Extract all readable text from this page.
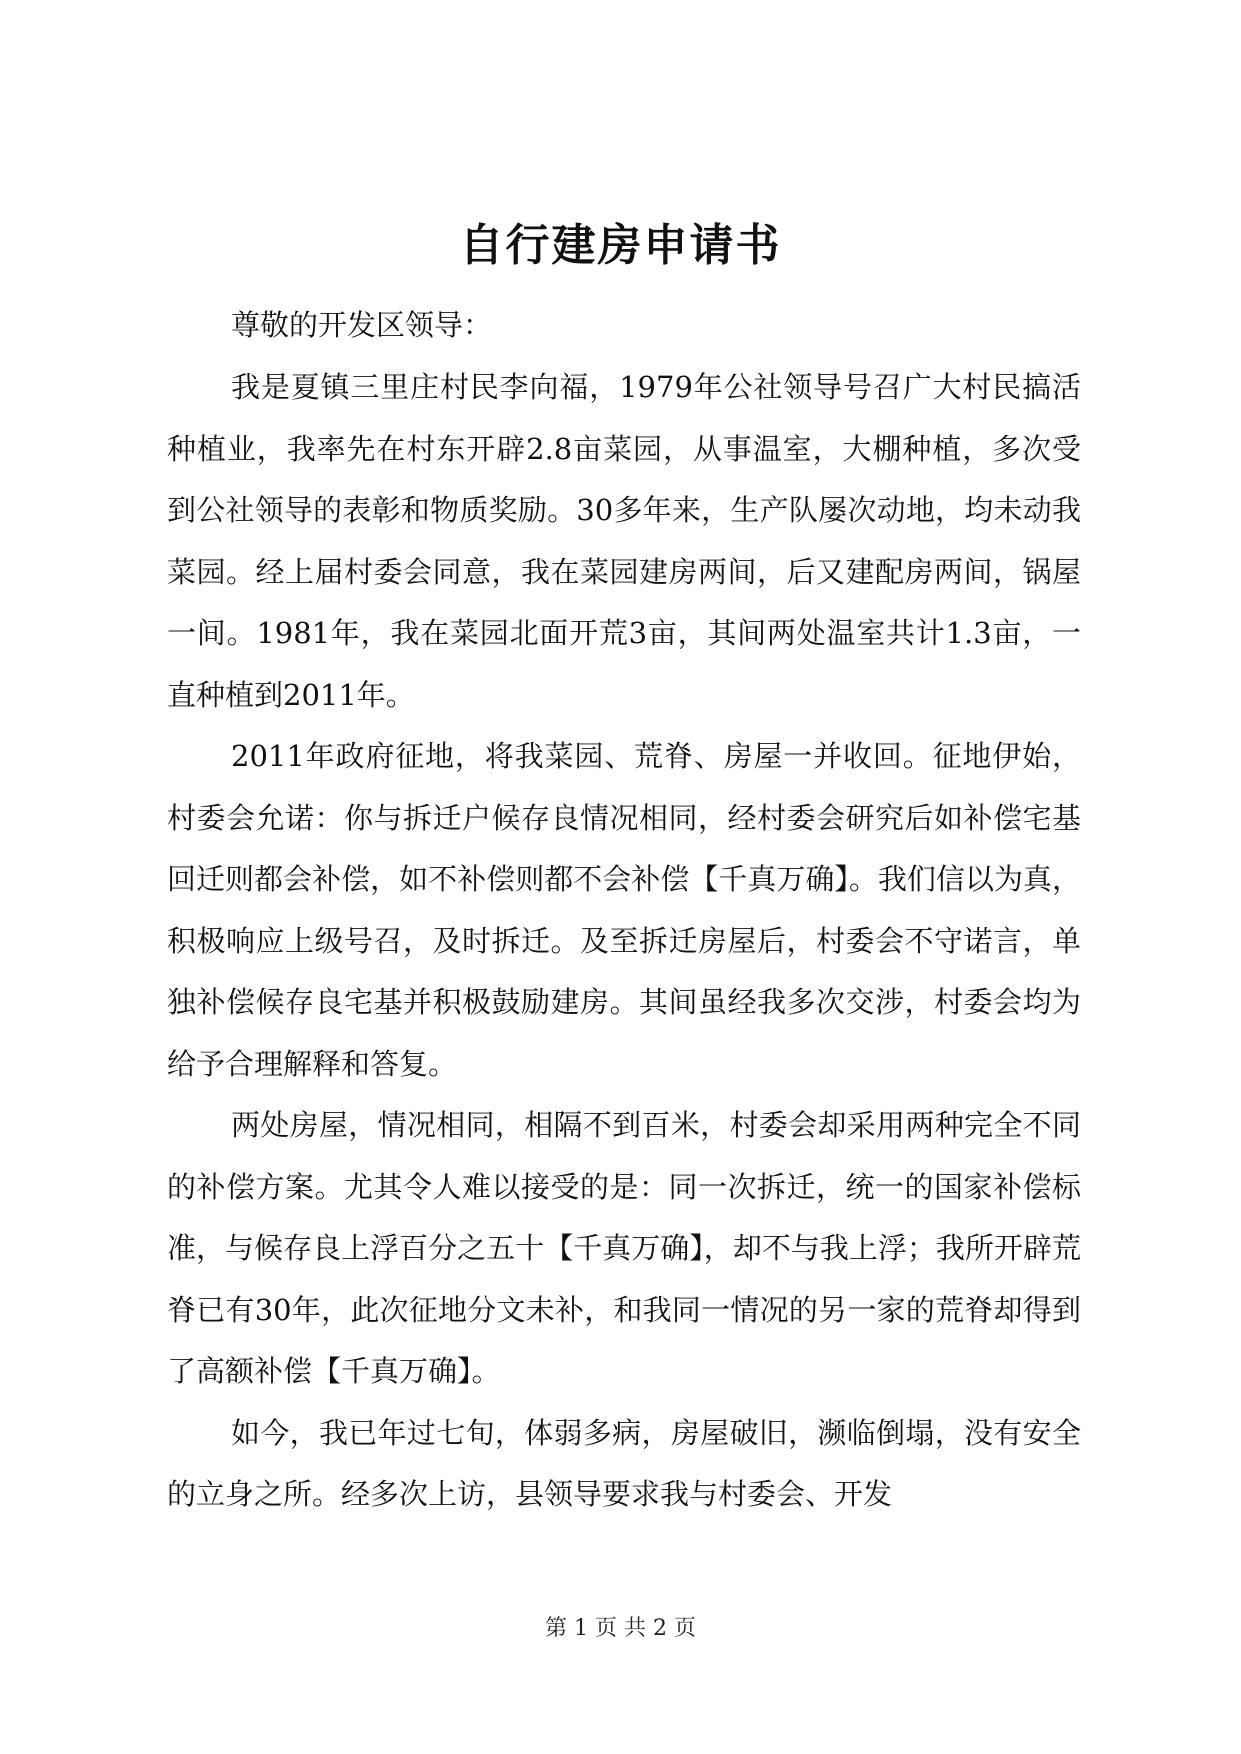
自行建房申请书

尊敬的开发区领导：

我是夏镇三里庄村民李向福，1979年公社领导号召广大村民搞活种植业，我率先在村东开辟2.8亩菜园，从事温室，大棚种植，多次受到公社领导的表彰和物质奖励。30多年来，生产队屡次动地，均未动我菜园。经上届村委会同意，我在菜园建房两间，后又建配房两间，锅屋一间。1981年，我在菜园北面开荒3亩，其间两处温室共计1.3亩，一直种植到2011年。

2011年政府征地，将我菜园、荒脊、房屋一并收回。征地伊始，村委会允诺：你与拆迁户候存良情况相同，经村委会研究后如补偿宅基回迁则都会补偿，如不补偿则都不会补偿【千真万确】。我们信以为真，积极响应上级号召，及时拆迁。及至拆迁房屋后，村委会不守诺言，单独补偿候存良宅基并积极鼓励建房。其间虽经我多次交涉，村委会均为给予合理解释和答复。

两处房屋，情况相同，相隔不到百米，村委会却采用两种完全不同的补偿方案。尤其令人难以接受的是：同一次拆迁，统一的国家补偿标准，与候存良上浮百分之五十【千真万确】，却不与我上浮；我所开辟荒脊已有30年，此次征地分文未补，和我同一情况的另一家的荒脊却得到了高额补偿【千真万确】。

如今，我已年过七旬，体弱多病，房屋破旧，濒临倒塌，没有安全的立身之所。经多次上访，县领导要求我与村委会、开发

第 1 页 共 2 页
